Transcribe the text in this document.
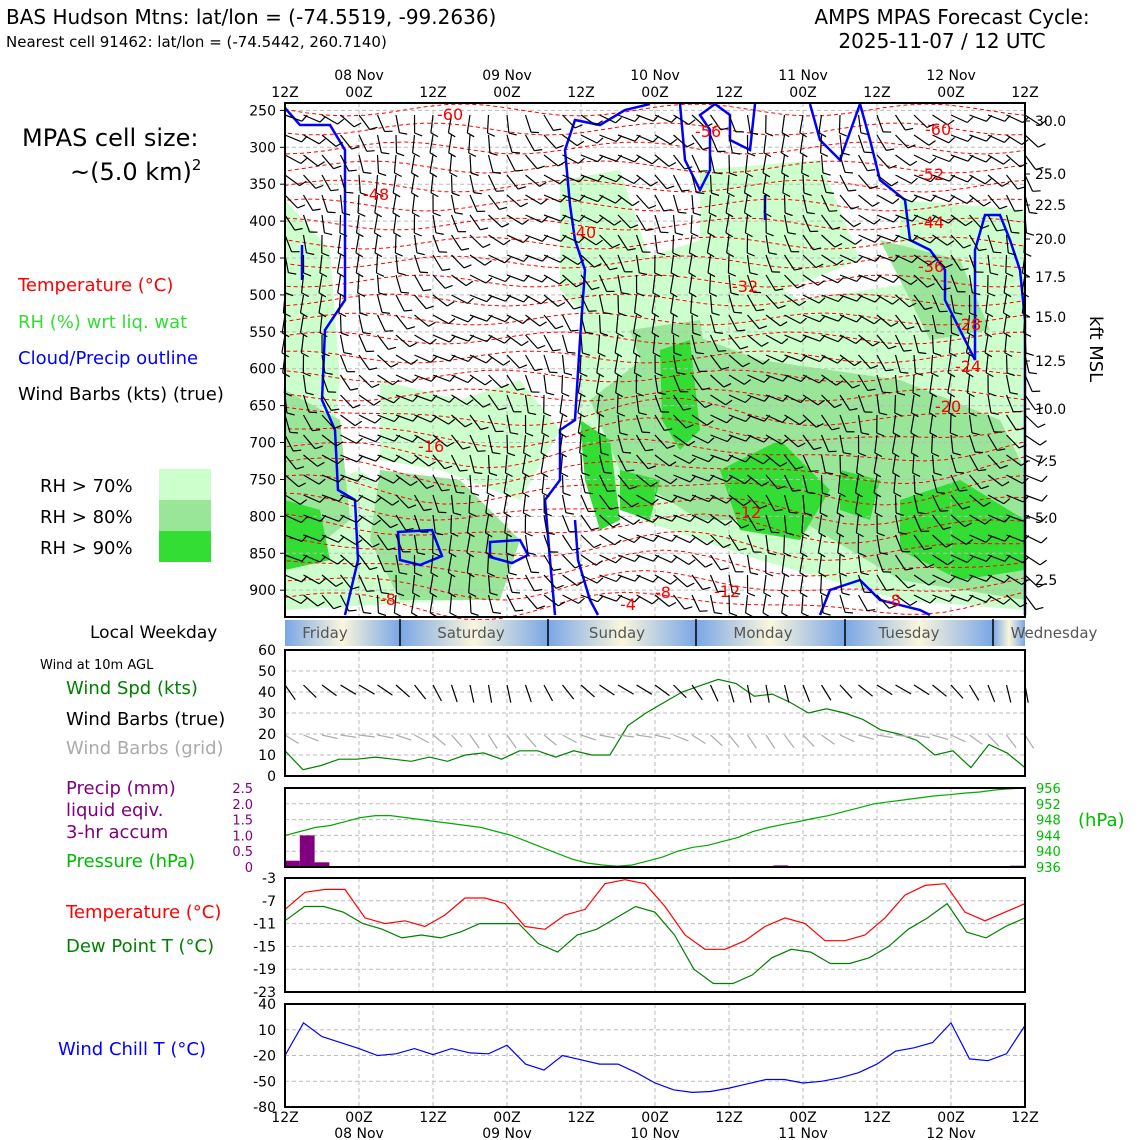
BAS Hudson Mtns: lat/lon = (-74.5519, -99.2636)
Nearest cell 91462: lat/lon = (-74.5442, 260.7140)
AMPS MPAS Forecast Cycle:
2025-11-07 / 12 UTC
MPAS cell size:
~(5.0 km)$^2$
Temperature (°C)
RH (%) wrt liq. wat
Cloud/Precip outline
Wind Barbs (kts) (true)
RH > 70%
RH > 80%
RH > 90%
Local Weekday
Wind at 10m AGL
Wind Spd (kts)
Wind Barbs (true)
Wind Barbs (grid)
Precip (mm)
liquid eqiv.
3-hr accum
Pressure (hPa)
Temperature (°C)
Dew Point T (°C)
Wind Chill T (°C)
(hPa)
kft MSL
-60
-56	-60
-48
-52
-44
-40
-36
-32
-28
-24
-20
-16
-12
-12
-8	-4	-8
-8
250
300
350
400
450
500
550
600
650
700
750
800
850
900
30.0
25.0
22.5
20.0
17.5
15.0
12.5
10.0
7.5
5.0
2.5
Friday	Saturday	Sunday	Monday	Tuesday	Wednesday
0
10
20
30
40
50
60
0
0.5
1.0
1.5
2.0
2.5	956
952
948
944
940
936
-3
-7
-11
-15
-19
-23
40
10
-20
-50
-80
12Z
12Z
00Z
00Z
12Z
12Z
00Z
00Z
12Z
12Z
00Z
00Z
12Z
12Z
00Z
00Z
12Z
12Z
00Z
00Z
12Z
12Z
08 Nov
08 Nov
09 Nov
09 Nov
10 Nov
10 Nov
11 Nov
11 Nov
12 Nov
12 Nov
